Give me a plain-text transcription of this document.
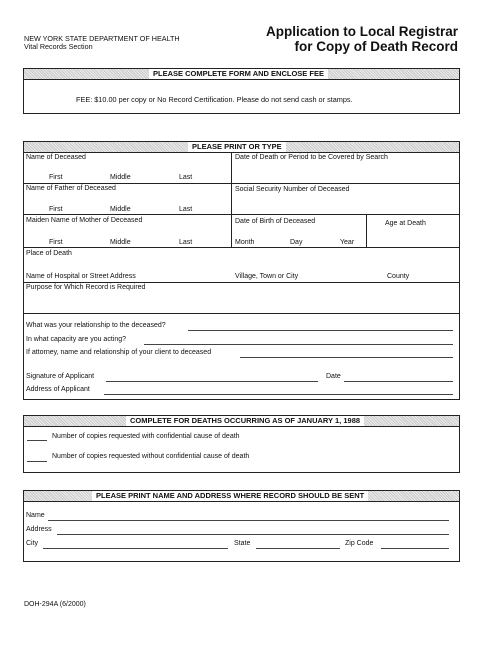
NEW YORK STATE DEPARTMENT OF HEALTH
Vital Records Section
Application to Local Registrar
for Copy of Death Record
PLEASE COMPLETE FORM AND ENCLOSE FEE
FEE: $10.00 per copy or No Record Certification. Please do not send cash or stamps.
PLEASE PRINT OR TYPE
Name of Deceased
First	Middle	Last
Date of Death or Period to be Covered by Search
Name of Father of Deceased
First	Middle	Last
Social Security Number of Deceased
Maiden Name of Mother of Deceased
First	Middle	Last
Date of Birth of Deceased
Month	Day	Year
Age at Death
Place of Death
Name of Hospital or Street Address	Village, Town or City	County
Purpose for Which Record is Required
What was your relationship to the deceased?
In what capacity are you acting?
If attorney, name and relationship of your client to deceased
Signature of Applicant	Date
Address of Applicant
COMPLETE FOR DEATHS OCCURRING AS OF JANUARY 1, 1988
Number of copies requested with confidential cause of death
Number of copies requested without confidential cause of death
PLEASE PRINT NAME AND ADDRESS WHERE RECORD SHOULD BE SENT
Name
Address
City	State	Zip Code
DOH-294A (6/2000)
